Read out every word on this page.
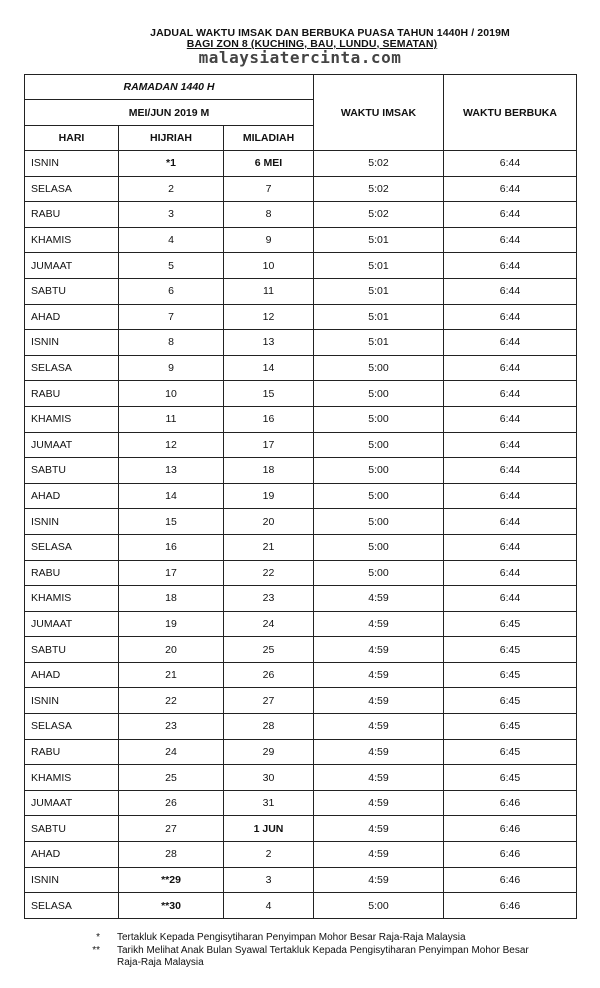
JADUAL WAKTU IMSAK DAN BERBUKA PUASA TAHUN 1440H / 2019M
BAGI ZON 8 (KUCHING, BAU, LUNDU, SEMATAN)
malaysiatercinta.com
RAMADAN 1440 H			WAKTU IMSAK	WAKTU BERBUKA
MEI/JUN 2019 M				
HARI	HIJRIAH	MILADIAH		
ISNIN	*1	6 MEI	5:02	6:44
SELASA	2	7	5:02	6:44
RABU	3	8	5:02	6:44
KHAMIS	4	9	5:01	6:44
JUMAAT	5	10	5:01	6:44
SABTU	6	11	5:01	6:44
AHAD	7	12	5:01	6:44
ISNIN	8	13	5:01	6:44
SELASA	9	14	5:00	6:44
RABU	10	15	5:00	6:44
KHAMIS	11	16	5:00	6:44
JUMAAT	12	17	5:00	6:44
SABTU	13	18	5:00	6:44
AHAD	14	19	5:00	6:44
ISNIN	15	20	5:00	6:44
SELASA	16	21	5:00	6:44
RABU	17	22	5:00	6:44
KHAMIS	18	23	4:59	6:44
JUMAAT	19	24	4:59	6:45
SABTU	20	25	4:59	6:45
AHAD	21	26	4:59	6:45
ISNIN	22	27	4:59	6:45
SELASA	23	28	4:59	6:45
RABU	24	29	4:59	6:45
KHAMIS	25	30	4:59	6:45
JUMAAT	26	31	4:59	6:46
SABTU	27	1 JUN	4:59	6:46
AHAD	28	2	4:59	6:46
ISNIN	**29	3	4:59	6:46
SELASA	**30	4	5:00	6:46
* Tertakluk Kepada Pengisytiharan Penyimpan Mohor Besar Raja-Raja Malaysia
** Tarikh Melihat Anak Bulan Syawal Tertakluk Kepada Pengisytiharan Penyimpan Mohor Besar
Raja-Raja Malaysia
